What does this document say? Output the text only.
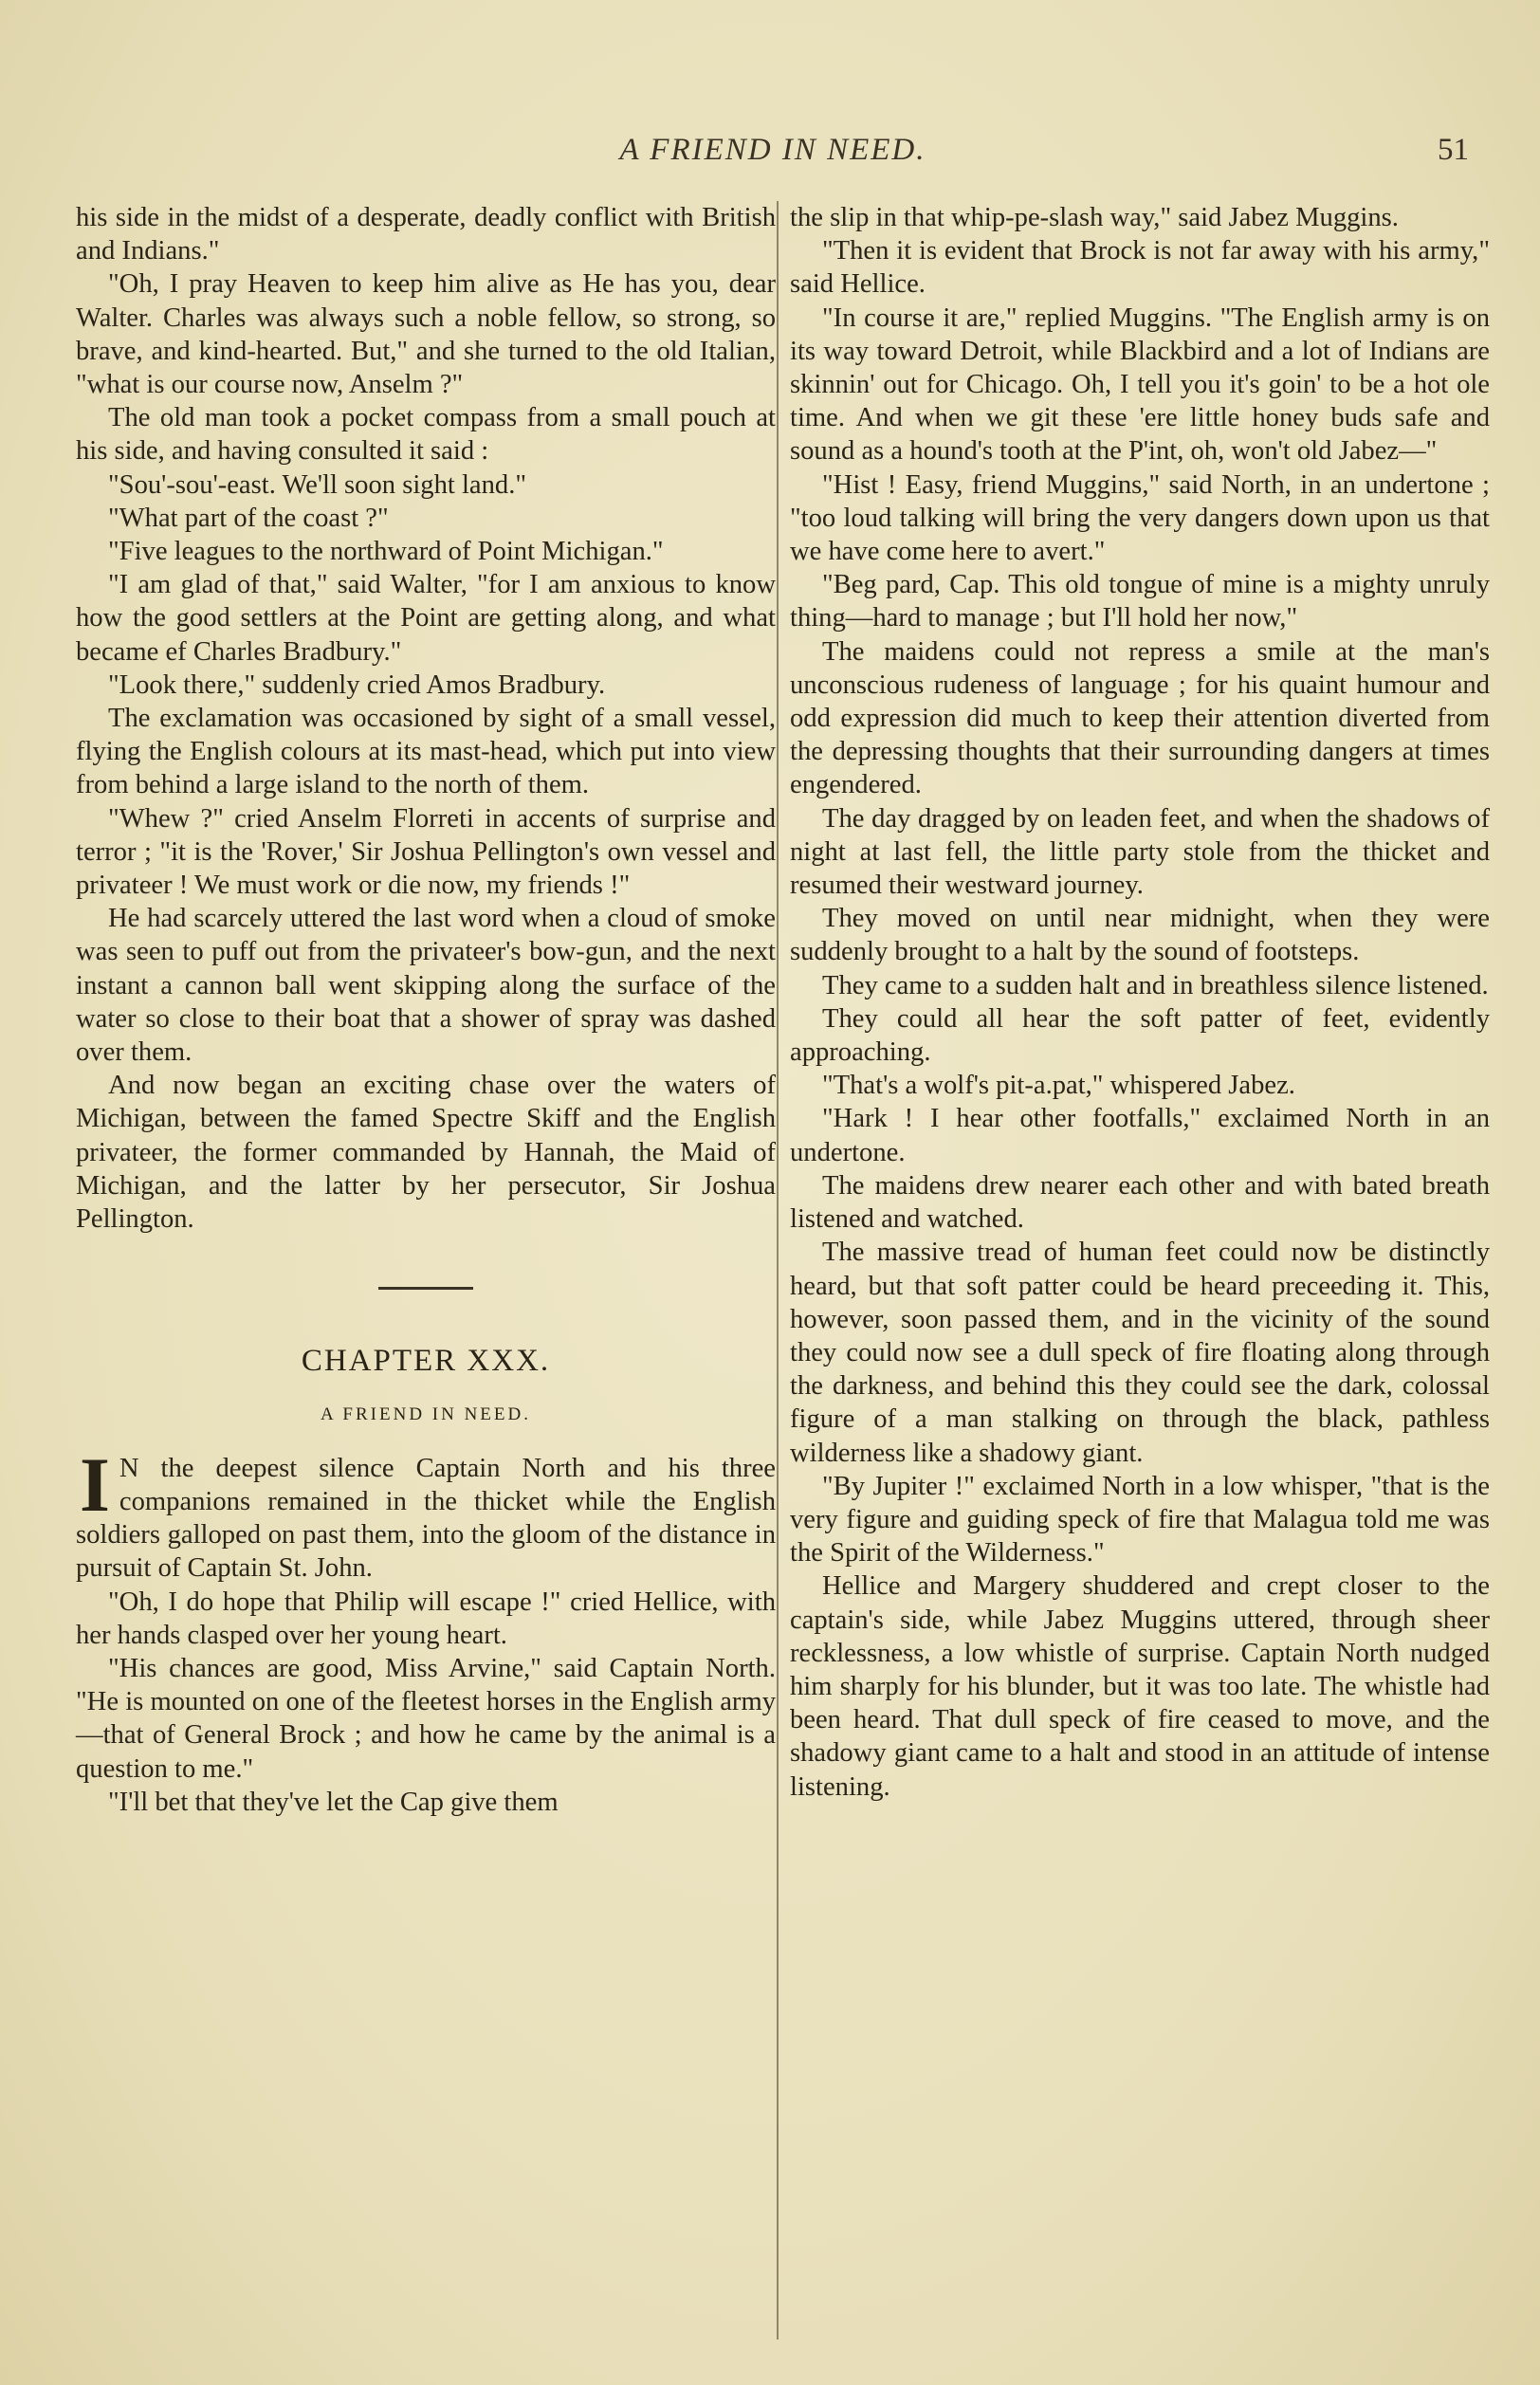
A FRIEND IN NEED.	51

his side in the midst of a desperate, deadly conflict with British and Indians."

"Oh, I pray Heaven to keep him alive as He has you, dear Walter. Charles was always such a noble fellow, so strong, so brave, and kind-hearted. But," and she turned to the old Italian, "what is our course now, Anselm ?"

The old man took a pocket compass from a small pouch at his side, and having consulted it said :

"Sou'-sou'-east. We'll soon sight land."

"What part of the coast ?"

"Five leagues to the northward of Point Michigan."

"I am glad of that," said Walter, "for I am anxious to know how the good settlers at the Point are getting along, and what became ef Charles Bradbury."

"Look there," suddenly cried Amos Bradbury.

The exclamation was occasioned by sight of a small vessel, flying the English colours at its mast-head, which put into view from behind a large island to the north of them.

"Whew ?" cried Anselm Florreti in accents of surprise and terror ; "it is the 'Rover,' Sir Joshua Pellington's own vessel and privateer ! We must work or die now, my friends !"

He had scarcely uttered the last word when a cloud of smoke was seen to puff out from the privateer's bow-gun, and the next instant a cannon ball went skipping along the surface of the water so close to their boat that a shower of spray was dashed over them.

And now began an exciting chase over the waters of Michigan, between the famed Spectre Skiff and the English privateer, the former commanded by Hannah, the Maid of Michigan, and the latter by her persecutor, Sir Joshua Pellington.

CHAPTER XXX.
A FRIEND IN NEED.

I N the deepest silence Captain North and his three companions remained in the thicket while the English soldiers galloped on past them, into the gloom of the distance in pursuit of Captain St. John.

"Oh, I do hope that Philip will escape !" cried Hellice, with her hands clasped over her young heart.

"His chances are good, Miss Arvine," said Captain North. "He is mounted on one of the fleetest horses in the English army—that of General Brock ; and how he came by the animal is a question to me."

"I'll bet that they've let the Cap give them

the slip in that whip-pe-slash way," said Jabez Muggins.

"Then it is evident that Brock is not far away with his army," said Hellice.

"In course it are," replied Muggins. "The English army is on its way toward Detroit, while Blackbird and a lot of Indians are skinnin' out for Chicago. Oh, I tell you it's goin' to be a hot ole time. And when we git these 'ere little honey buds safe and sound as a hound's tooth at the P'int, oh, won't old Jabez—"

"Hist ! Easy, friend Muggins," said North, in an undertone ; "too loud talking will bring the very dangers down upon us that we have come here to avert."

"Beg pard, Cap. This old tongue of mine is a mighty unruly thing—hard to manage ; but I'll hold her now,"

The maidens could not repress a smile at the man's unconscious rudeness of language ; for his quaint humour and odd expression did much to keep their attention diverted from the depressing thoughts that their surrounding dangers at times engendered.

The day dragged by on leaden feet, and when the shadows of night at last fell, the little party stole from the thicket and resumed their westward journey.

They moved on until near midnight, when they were suddenly brought to a halt by the sound of footsteps.

They came to a sudden halt and in breathless silence listened.

They could all hear the soft patter of feet, evidently approaching.

"That's a wolf's pit-a.pat," whispered Jabez.

"Hark ! I hear other footfalls," exclaimed North in an undertone.

The maidens drew nearer each other and with bated breath listened and watched.

The massive tread of human feet could now be distinctly heard, but that soft patter could be heard preceeding it. This, however, soon passed them, and in the vicinity of the sound they could now see a dull speck of fire floating along through the darkness, and behind this they could see the dark, colossal figure of a man stalking on through the black, pathless wilderness like a shadowy giant.

"By Jupiter !" exclaimed North in a low whisper, "that is the very figure and guiding speck of fire that Malagua told me was the Spirit of the Wilderness."

Hellice and Margery shuddered and crept closer to the captain's side, while Jabez Muggins uttered, through sheer recklessness, a low whistle of surprise. Captain North nudged him sharply for his blunder, but it was too late. The whistle had been heard. That dull speck of fire ceased to move, and the shadowy giant came to a halt and stood in an attitude of intense listening.
